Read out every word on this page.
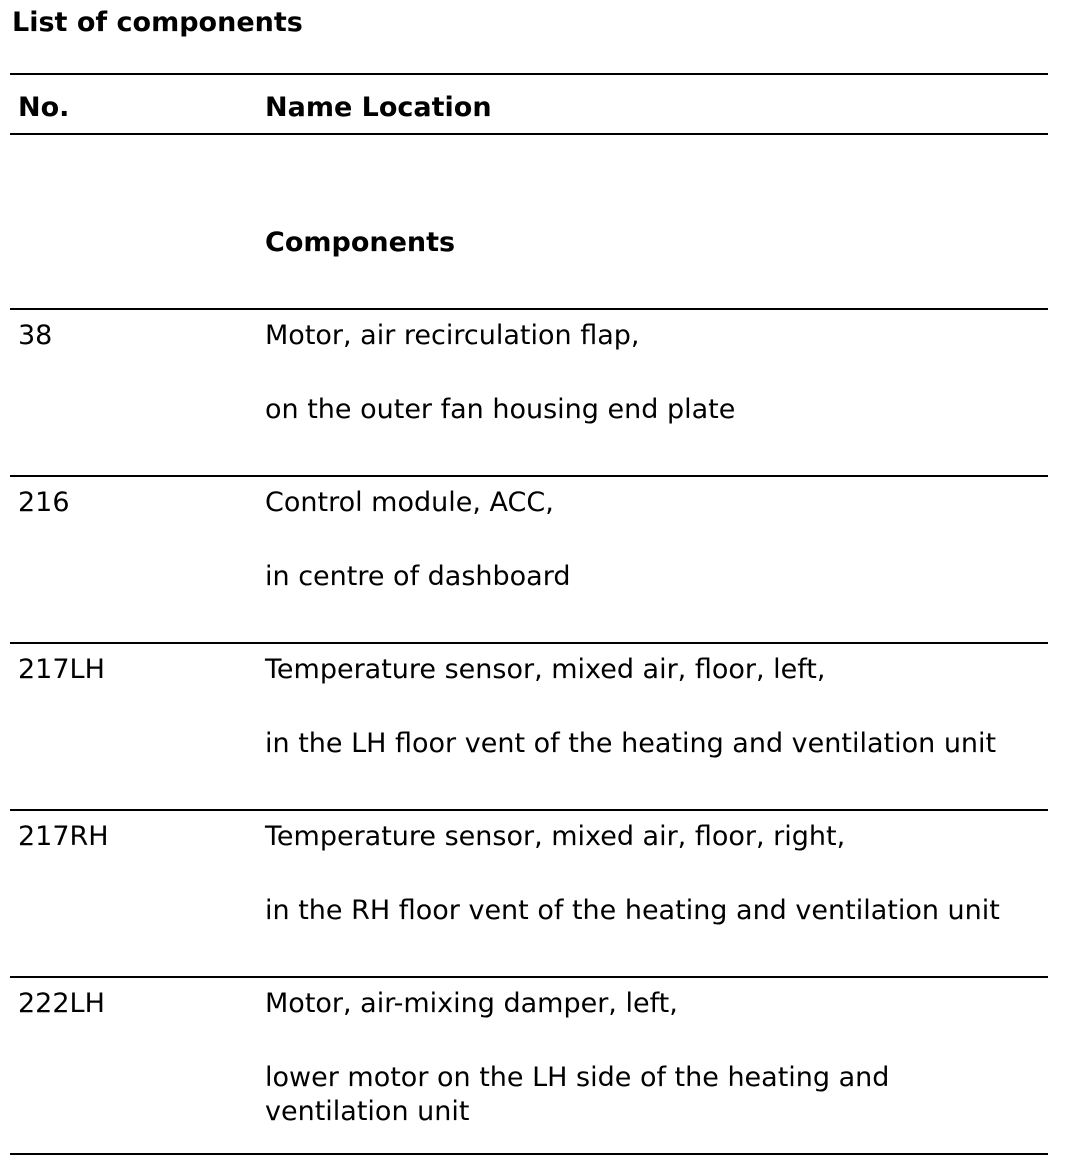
List of components
No.	Name Location
Components
38	Motor, air recirculation flap,
on the outer fan housing end plate
216	Control module, ACC,
in centre of dashboard
217LH	Temperature sensor, mixed air, floor, left,
in the LH floor vent of the heating and ventilation unit
217RH	Temperature sensor, mixed air, floor, right,
in the RH floor vent of the heating and ventilation unit
222LH	Motor, air-mixing damper, left,
lower motor on the LH side of the heating and ventilation unit
